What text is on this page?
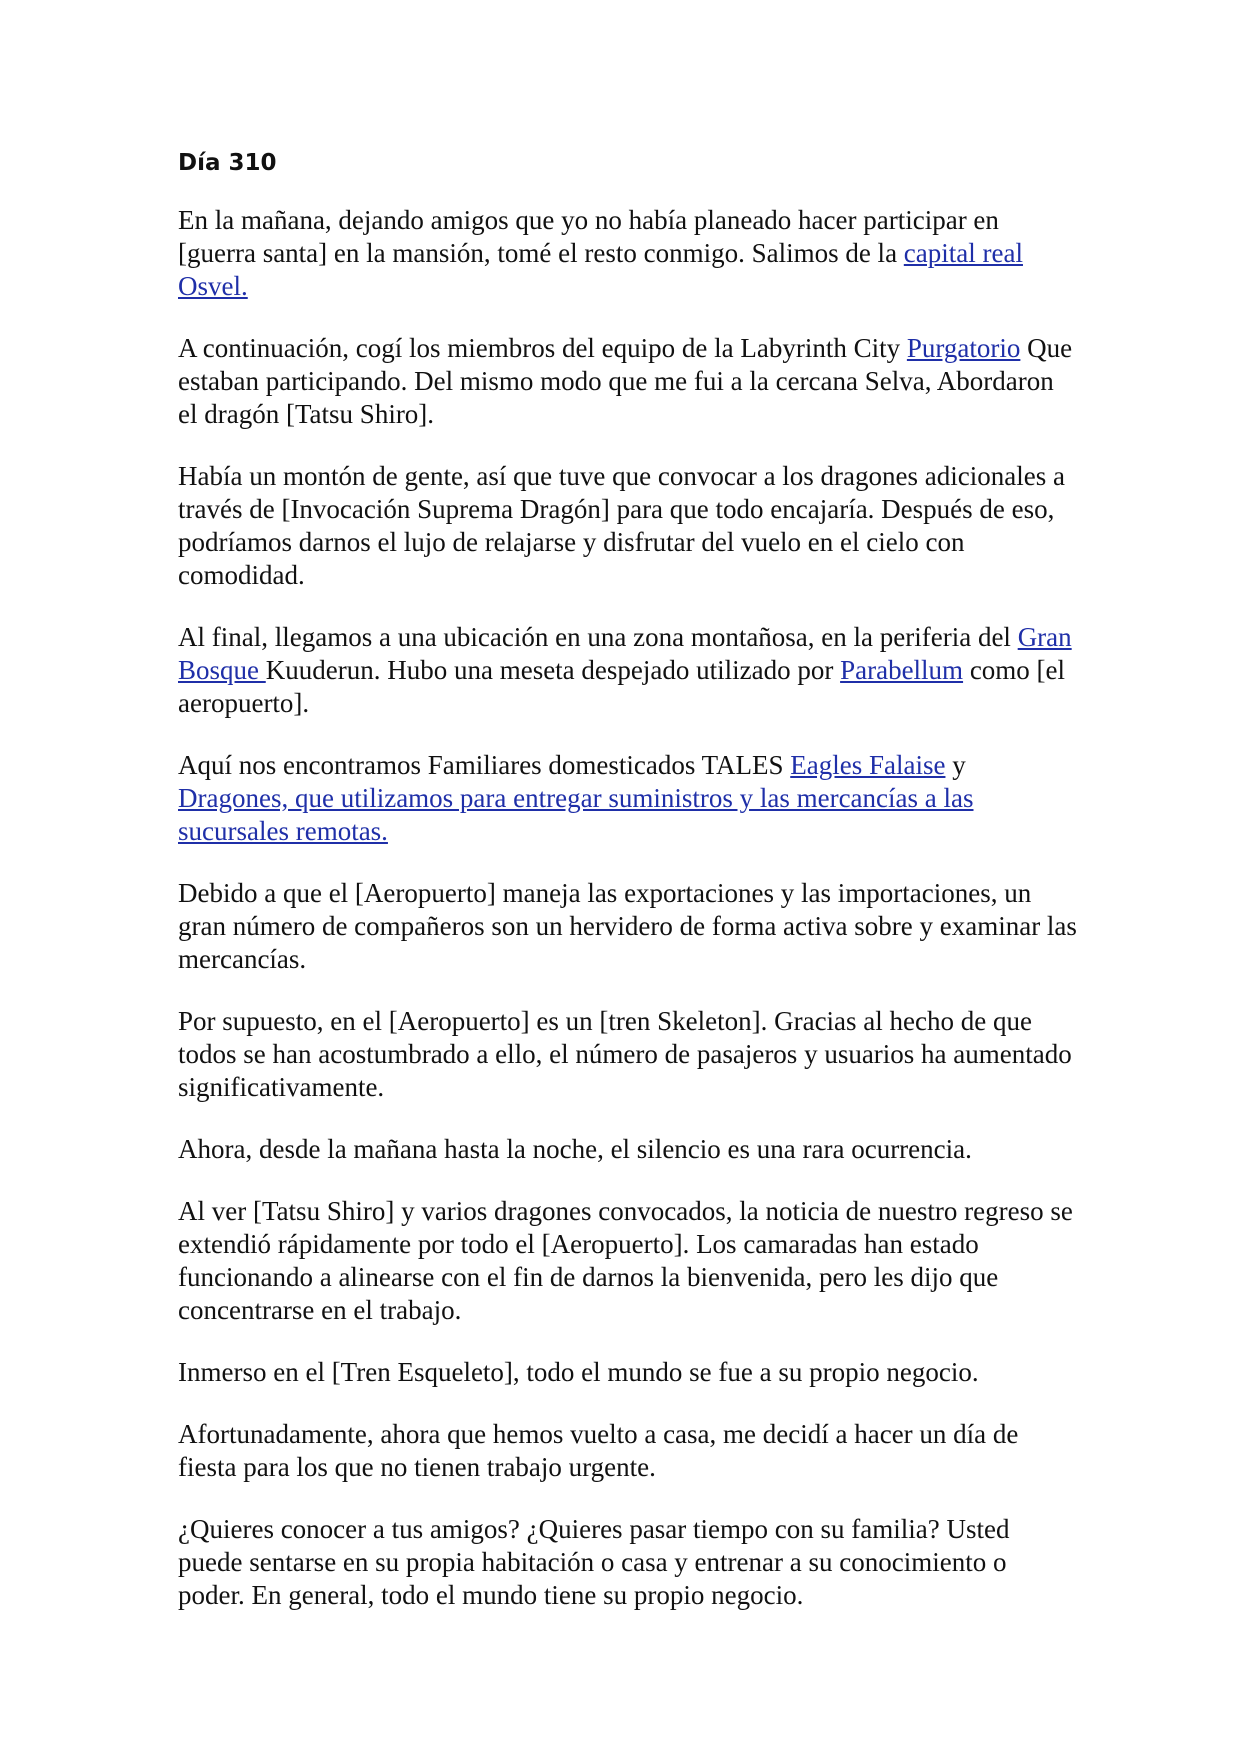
Día 310

En la mañana, dejando amigos que yo no había planeado hacer participar en [guerra santa] en la mansión, tomé el resto conmigo. Salimos de la capital real Osvel.

A continuación, cogí los miembros del equipo de la Labyrinth City Purgatorio Que estaban participando. Del mismo modo que me fui a la cercana Selva, Abordaron el dragón [Tatsu Shiro].

Había un montón de gente, así que tuve que convocar a los dragones adicionales a través de [Invocación Suprema Dragón] para que todo encajaría. Después de eso, podríamos darnos el lujo de relajarse y disfrutar del vuelo en el cielo con comodidad.

Al final, llegamos a una ubicación en una zona montañosa, en la periferia del Gran Bosque Kuuderun. Hubo una meseta despejado utilizado por Parabellum como [el aeropuerto].

Aquí nos encontramos Familiares domesticados TALES Eagles Falaise y Dragones, que utilizamos para entregar suministros y las mercancías a las sucursales remotas.

Debido a que el [Aeropuerto] maneja las exportaciones y las importaciones, un gran número de compañeros son un hervidero de forma activa sobre y examinar las mercancías.

Por supuesto, en el [Aeropuerto] es un [tren Skeleton]. Gracias al hecho de que todos se han acostumbrado a ello, el número de pasajeros y usuarios ha aumentado significativamente.

Ahora, desde la mañana hasta la noche, el silencio es una rara ocurrencia.

Al ver [Tatsu Shiro] y varios dragones convocados, la noticia de nuestro regreso se extendió rápidamente por todo el [Aeropuerto]. Los camaradas han estado funcionando a alinearse con el fin de darnos la bienvenida, pero les dijo que concentrarse en el trabajo.

Inmerso en el [Tren Esqueleto], todo el mundo se fue a su propio negocio.

Afortunadamente, ahora que hemos vuelto a casa, me decidí a hacer un día de fiesta para los que no tienen trabajo urgente.

¿Quieres conocer a tus amigos? ¿Quieres pasar tiempo con su familia? Usted puede sentarse en su propia habitación o casa y entrenar a su conocimiento o poder. En general, todo el mundo tiene su propio negocio.
